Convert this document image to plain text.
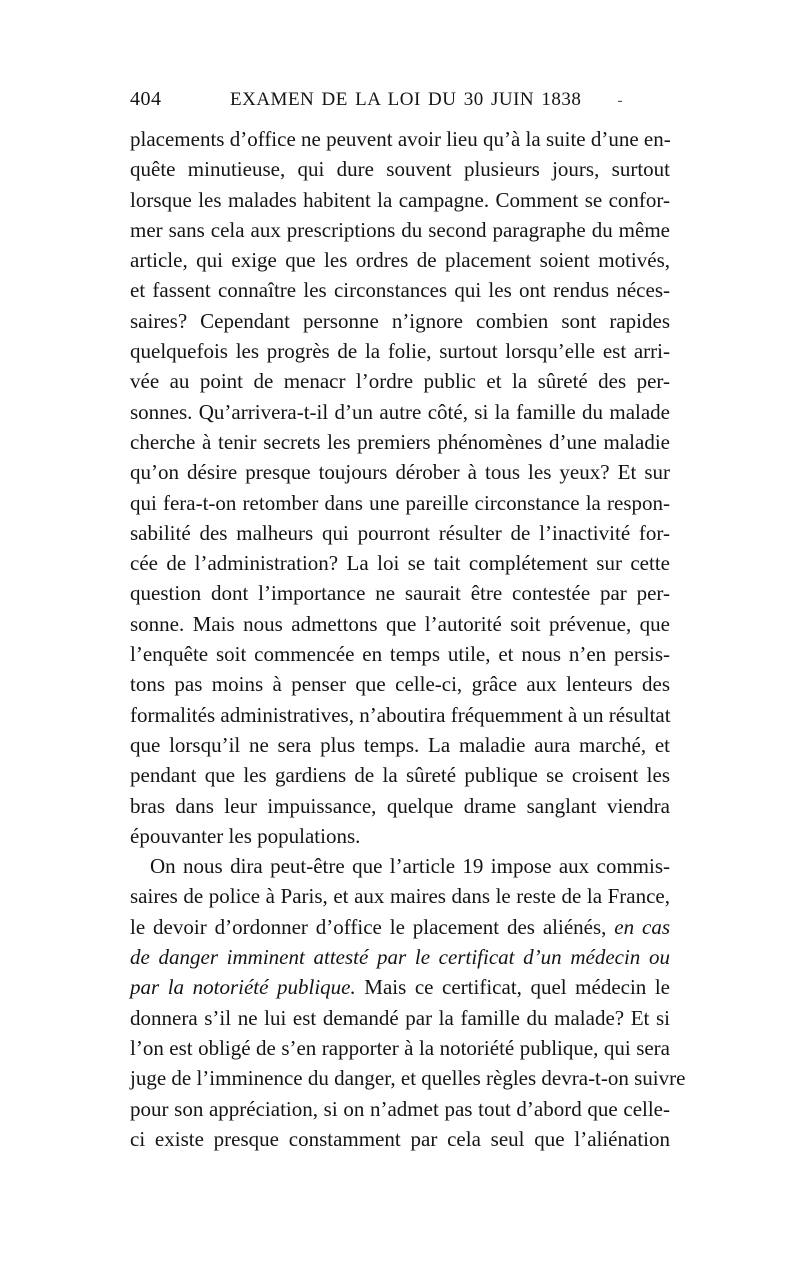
404	EXAMEN DE LA LOI DU 30 JUIN 1838 -
placements d’office ne peuvent avoir lieu qu’à la suite d’une en-
quête minutieuse, qui dure souvent plusieurs jours, surtout
lorsque les malades habitent la campagne. Comment se confor-
mer sans cela aux prescriptions du second paragraphe du même
article, qui exige que les ordres de placement soient motivés,
et fassent connaître les circonstances qui les ont rendus néces-
saires? Cependant personne n’ignore combien sont rapides
quelquefois les progrès de la folie, surtout lorsqu’elle est arri-
vée au point de menacr l’ordre public et la sûreté des per-
sonnes. Qu’arrivera-t-il d’un autre côté, si la famille du malade
cherche à tenir secrets les premiers phénomènes d’une maladie
qu’on désire presque toujours dérober à tous les yeux? Et sur
qui fera-t-on retomber dans une pareille circonstance la respon-
sabilité des malheurs qui pourront résulter de l’inactivité for-
cée de l’administration? La loi se tait complétement sur cette
question dont l’importance ne saurait être contestée par per-
sonne. Mais nous admettons que l’autorité soit prévenue, que
l’enquête soit commencée en temps utile, et nous n’en persis-
tons pas moins à penser que celle-ci, grâce aux lenteurs des
formalités administratives, n’aboutira fréquemment à un résultat
que lorsqu’il ne sera plus temps. La maladie aura marché, et
pendant que les gardiens de la sûreté publique se croisent les
bras dans leur impuissance, quelque drame sanglant viendra
épouvanter les populations.
On nous dira peut-être que l’article 19 impose aux commis-
saires de police à Paris, et aux maires dans le reste de la France,
le devoir d’ordonner d’office le placement des aliénés, en cas
de danger imminent attesté par le certificat d’un médecin ou
par la notoriété publique. Mais ce certificat, quel médecin le
donnera s’il ne lui est demandé par la famille du malade? Et si
l’on est obligé de s’en rapporter à la notoriété publique, qui sera
juge de l’imminence du danger, et quelles règles devra-t-on suivre
pour son appréciation, si on n’admet pas tout d’abord que celle-
ci existe presque constamment par cela seul que l’aliénation
